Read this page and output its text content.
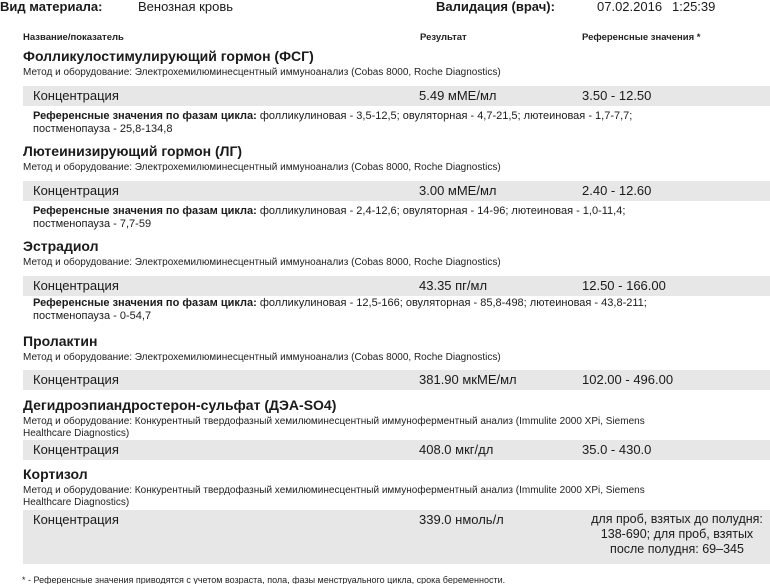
Вид материала:	Венозная кровь	Валидация (врач):	07.02.2016 1:25:39
Название/показатель	Результат	Референсные значения *
Фолликулостимулирующий гормон (ФСГ)
Метод и оборудование: Электрохемилюминесцентный иммуноанализ (Cobas 8000, Roche Diagnostics)
Концентрация	5.49 мМЕ/мл	3.50 - 12.50
Референсные значения по фазам цикла: фолликулиновая - 3,5-12,5; овуляторная - 4,7-21,5; лютеиновая - 1,7-7,7;
постменопауза - 25,8-134,8
Лютеинизирующий гормон (ЛГ)
Метод и оборудование: Электрохемилюминесцентный иммуноанализ (Cobas 8000, Roche Diagnostics)
Концентрация	3.00 мМЕ/мл	2.40 - 12.60
Референсные значения по фазам цикла: фолликулиновая - 2,4-12,6; овуляторная - 14-96; лютеиновая - 1,0-11,4;
постменопауза - 7,7-59
Эстрадиол
Метод и оборудование: Электрохемилюминесцентный иммуноанализ (Cobas 8000, Roche Diagnostics)
Концентрация	43.35 пг/мл	12.50 - 166.00
Референсные значения по фазам цикла: фолликулиновая - 12,5-166; овуляторная - 85,8-498; лютеиновая - 43,8-211;
постменопауза - 0-54,7
Пролактин
Метод и оборудование: Электрохемилюминесцентный иммуноанализ (Cobas 8000, Roche Diagnostics)
Концентрация	381.90 мкМЕ/мл	102.00 - 496.00
Дегидроэпиандростерон-сульфат (ДЭА-SO4)
Метод и оборудование: Конкурентный твердофазный хемилюминесцентный иммуноферментный анализ (Immulite 2000 XPi, Siemens
Healthcare Diagnostics)
Концентрация	408.0 мкг/дл	35.0 - 430.0
Кортизол
Метод и оборудование: Конкурентный твердофазный хемилюминесцентный иммуноферментный анализ (Immulite 2000 XPi, Siemens
Healthcare Diagnostics)
Концентрация	339.0 нмоль/л	для проб, взятых до полудня: 138-690; для проб, взятых после полудня: 69–345
* - Референсные значения приводятся с учетом возраста, пола, фазы менструального цикла, срока беременности.
